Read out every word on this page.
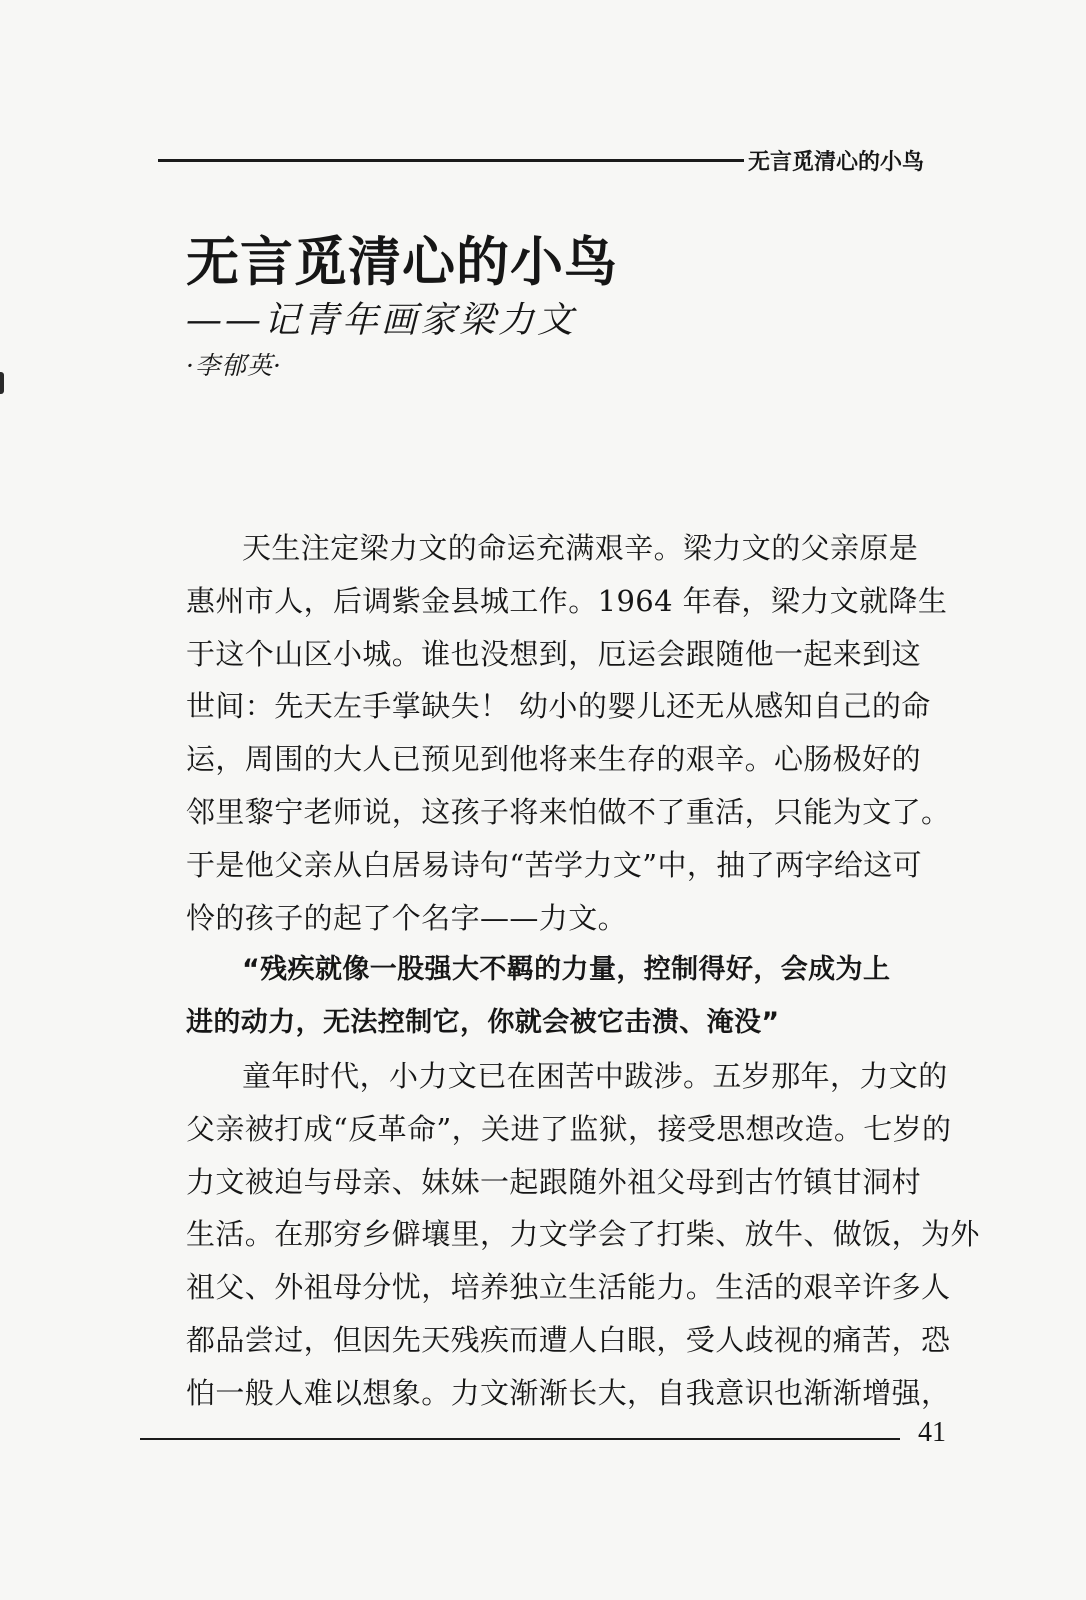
无言觅清心的小鸟
无言觅清心的小鸟
——记青年画家梁力文
·李郁英·
天生注定梁力文的命运充满艰辛。梁力文的父亲原是
惠州市人，后调紫金县城工作。1964 年春，梁力文就降生
于这个山区小城。谁也没想到，厄运会跟随他一起来到这
世间：先天左手掌缺失！ 幼小的婴儿还无从感知自己的命
运，周围的大人已预见到他将来生存的艰辛。心肠极好的
邻里黎宁老师说，这孩子将来怕做不了重活，只能为文了。
于是他父亲从白居易诗句“苦学力文”中，抽了两字给这可
怜的孩子的起了个名字——力文。
“残疾就像一股强大不羁的力量，控制得好，会成为上
进的动力，无法控制它，你就会被它击溃、淹没”
童年时代，小力文已在困苦中跋涉。五岁那年，力文的
父亲被打成“反革命”，关进了监狱，接受思想改造。七岁的
力文被迫与母亲、妹妹一起跟随外祖父母到古竹镇甘洞村
生活。在那穷乡僻壤里，力文学会了打柴、放牛、做饭，为外
祖父、外祖母分忧，培养独立生活能力。生活的艰辛许多人
都品尝过，但因先天残疾而遭人白眼，受人歧视的痛苦，恐
怕一般人难以想象。力文渐渐长大，自我意识也渐渐增强，
41
